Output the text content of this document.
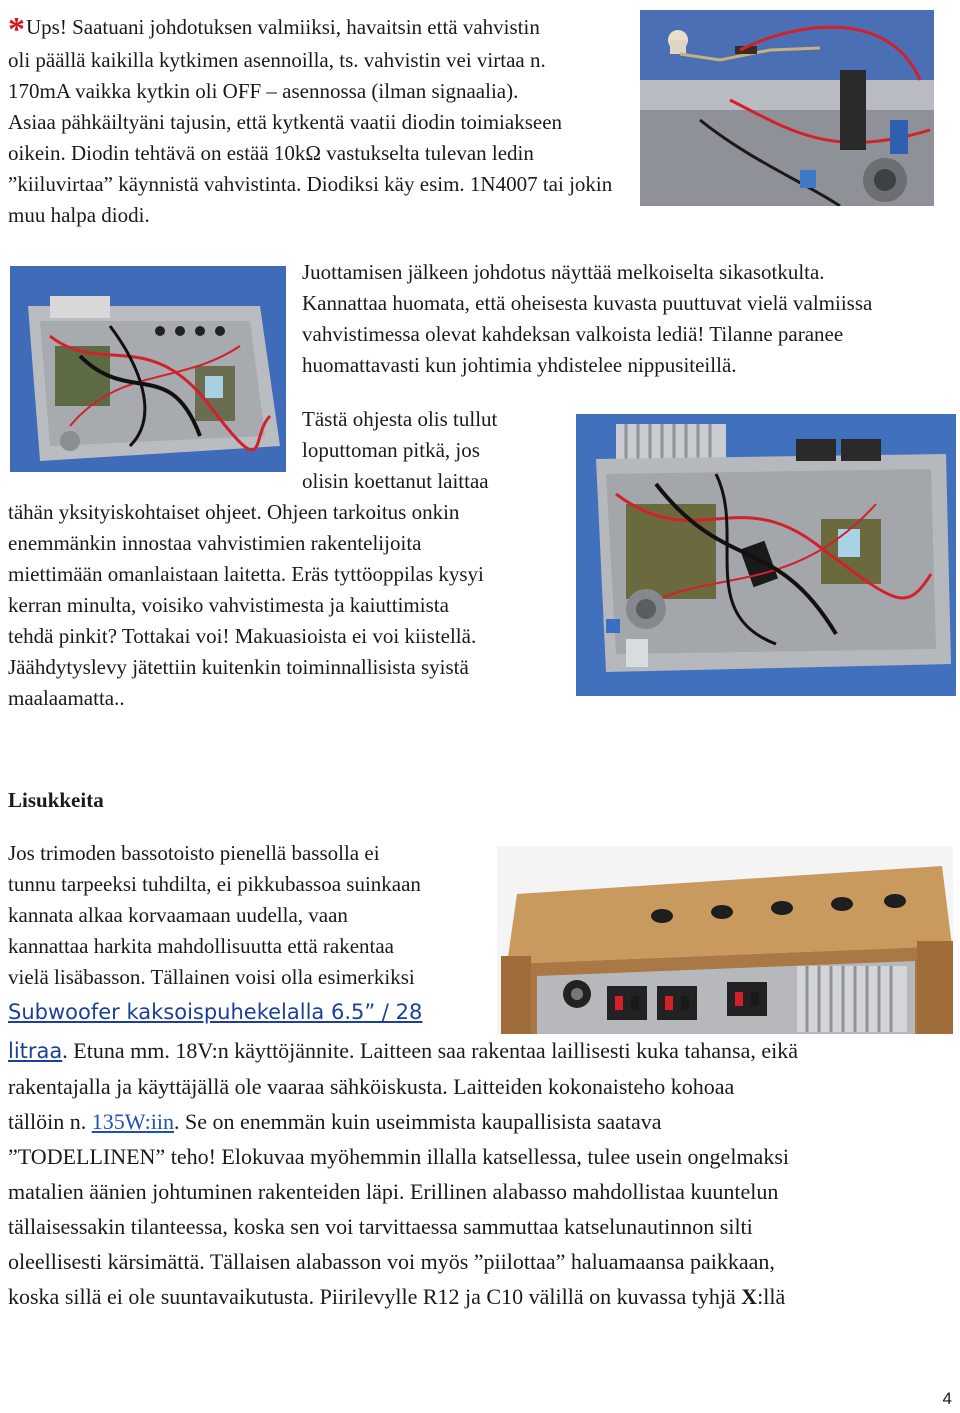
*Ups! Saatuani johdotuksen valmiiksi, havaitsin että vahvistin
oli päällä kaikilla kytkimen asennoilla, ts. vahvistin vei virtaa n.
170mA vaikka kytkin oli OFF – asennossa (ilman signaalia).
Asiaa pähkäiltyäni tajusin, että kytkentä vaatii diodin toimiakseen
oikein. Diodin tehtävä on estää 10kΩ vastukselta tulevan ledin
”kiiluvirtaa” käynnistä vahvistinta. Diodiksi käy esim. 1N4007 tai jokin
muu halpa diodi.
Juottamisen jälkeen johdotus näyttää melkoiselta sikasotkulta.
Kannattaa huomata, että oheisesta kuvasta puuttuvat vielä valmiissa
vahvistimessa olevat kahdeksan valkoista lediä! Tilanne paranee
huomattavasti kun johtimia yhdistelee nippusiteillä.
Tästä ohjesta olis tullut
loputtoman pitkä, jos
olisin koettanut laittaa
tähän yksityiskohtaiset ohjeet. Ohjeen tarkoitus onkin
enemmänkin innostaa vahvistimien rakentelijoita
miettimään omanlaistaan laitetta. Eräs tyttöoppilas kysyi
kerran minulta, voisiko vahvistimesta ja kaiuttimista
tehdä pinkit? Tottakai voi! Makuasioista ei voi kiistellä.
Jäähdytyslevy jätettiin kuitenkin toiminnallisista syistä
maalaamatta..
Lisukkeita
Jos trimoden bassotoisto pienellä bassolla ei
tunnu tarpeeksi tuhdilta, ei pikkubassoa suinkaan
kannata alkaa korvaamaan uudella, vaan
kannattaa harkita mahdollisuutta että rakentaa
vielä lisäbasson. Tällainen voisi olla esimerkiksi
Subwoofer kaksoispuhekelalla 6.5” / 28
litraa. Etuna mm. 18V:n käyttöjännite. Laitteen saa rakentaa laillisesti kuka tahansa, eikä
rakentajalla ja käyttäjällä ole vaaraa sähköiskusta. Laitteiden kokonaisteho kohoaa
tällöin n. 135W:iin. Se on enemmän kuin useimmista kaupallisista saatava
”TODELLINEN” teho! Elokuvaa myöhemmin illalla katsellessa, tulee usein ongelmaksi
matalien äänien johtuminen rakenteiden läpi. Erillinen alabasso mahdollistaa kuuntelun
tällaisessakin tilanteessa, koska sen voi tarvittaessa sammuttaa katselunautinnon silti
oleellisesti kärsimättä. Tällaisen alabasson voi myös ”piilottaa” haluamaansa paikkaan,
koska sillä ei ole suuntavaikutusta. Piirilevylle R12 ja C10 välillä on kuvassa tyhjä X:llä
4
